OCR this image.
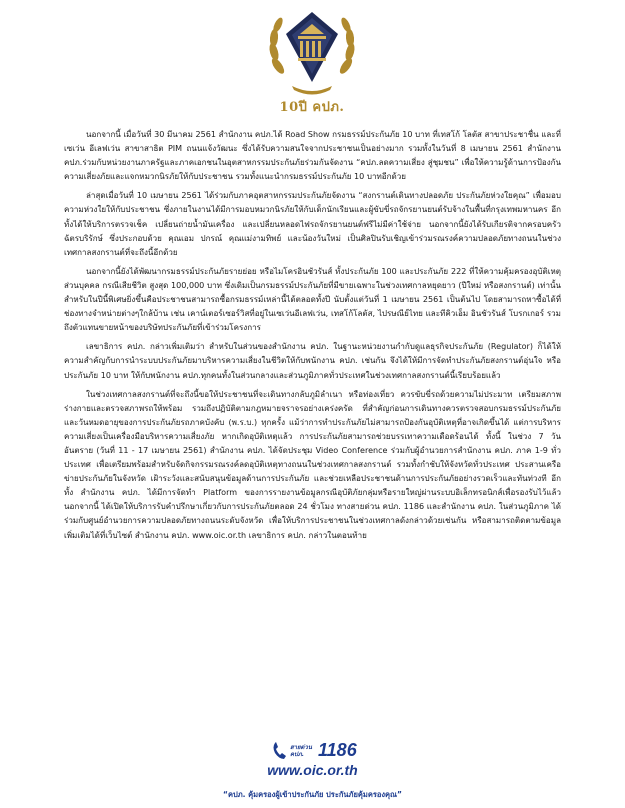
10ปี คปภ.

นอกจากนี้ เมื่อวันที่ 30 มีนาคม 2561 สำนักงาน คปภ.ได้ Road Show กรมธรรม์ประกันภัย 10 บาท ที่เทสโก้ โลตัส สาขาประชาชื่น และที่เซเว่น อีเลฟเว่น สาขาสาธิต PIM ถนนแจ้งวัฒนะ ซึ่งได้รับความสนใจจากประชาชนเป็นอย่างมาก รวมทั้งในวันที่ 8 เมษายน 2561 สำนักงาน คปภ.ร่วมกับหน่วยงานภาครัฐและภาคเอกชนในอุตสาหกรรมประกันภัยร่วมกันจัดงาน “คปภ.ลดความเสี่ยง สู่ชุมชน” เพื่อให้ความรู้ด้านการป้องกันความเสี่ยงภัยและแจกหมวกนิรภัยให้กับประชาชน รวมทั้งแนะนำกรมธรรม์ประกันภัย 10 บาทอีกด้วย

ล่าสุดเมื่อวันที่ 10 เมษายน 2561 ได้ร่วมกับภาคอุตสาหกรรมประกันภัยจัดงาน “สงกรานต์เดินทางปลอดภัย ประกันภัยห่วงใยคุณ” เพื่อมอบความห่วงใยให้กับประชาชน ซึ่งภายในงานได้มีการมอบหมวกนิรภัยให้กับเด็กนักเรียนและผู้ขับขี่รถจักรยานยนต์รับจ้างในพื้นที่กรุงเทพมหานคร อีกทั้งได้ให้บริการตรวจเช็ค เปลี่ยนถ่ายน้ำมันเครื่อง และเปลี่ยนหลอดไฟรถจักรยานยนต์ฟรีไม่มีค่าใช้จ่าย นอกจากนี้ยังได้รับเกียรติจากครอบครัว ฉัตรบริรักษ์ ซึ่งประกอบด้วย คุณเอม ปกรณ์ คุณแม่งามทิพย์ และน้องวันใหม่ เป็นศิลปินรับเชิญเข้าร่วมรณรงค์ความปลอดภัยทางถนนในช่วงเทศกาลสงกรานต์ที่จะถึงนี้อีกด้วย

นอกจากนี้ยังได้พัฒนากรมธรรม์ประกันภัยรายย่อย หรือไมโครอินชัวรันส์ ทั้งประกันภัย 100 และประกันภัย 222 ที่ให้ความคุ้มครองอุบัติเหตุส่วนบุคคล กรณีเสียชีวิต สูงสุด 100,000 บาท ซึ่งเดิมเป็นกรมธรรม์ประกันภัยที่มีขายเฉพาะในช่วงเทศกาลหยุดยาว (ปีใหม่ หรือสงกรานต์) เท่านั้น สำหรับในปีนี้พิเศษยิ่งขึ้นคือประชาชนสามารถซื้อกรมธรรม์เหล่านี้ได้ตลอดทั้งปี นับตั้งแต่วันที่ 1 เมษายน 2561 เป็นต้นไป โดยสามารถหาซื้อได้ที่ช่องทางจำหน่ายต่างๆใกล้บ้าน เช่น เคาน์เตอร์เซอร์วิสที่อยู่ในเซเว่นอีเลฟเว่น, เทสโก้โลตัส, ไปรษณีย์ไทย และทีคิวเอ็ม อินชัวรันส์ โบรกเกอร์ รวมถึงตัวแทนขายหน้าของบริษัทประกันภัยที่เข้าร่วมโครงการ

เลขาธิการ คปภ. กล่าวเพิ่มเติมว่า สำหรับในส่วนของสำนักงาน คปภ. ในฐานะหน่วยงานกำกับดูแลธุรกิจประกันภัย (Regulator) ก็ได้ให้ความสำคัญกับการนำระบบประกันภัยมาบริหารความเสี่ยงในชีวิตให้กับพนักงาน คปภ. เช่นกัน จึงได้ให้มีการจัดทำประกันภัยสงกรานต์อุ่นใจ หรือประกันภัย 10 บาท ให้กับพนักงาน คปภ.ทุกคนทั้งในส่วนกลางและส่วนภูมิภาคทั่วประเทศในช่วงเทศกาลสงกรานต์นี้เรียบร้อยแล้ว

ในช่วงเทศกาลสงกรานต์ที่จะถึงนี้ขอให้ประชาชนที่จะเดินทางกลับภูมิลำเนา หรือท่องเที่ยว ควรขับขี่รถด้วยความไม่ประมาท เตรียมสภาพร่างกายและตรวจสภาพรถให้พร้อม รวมถึงปฏิบัติตามกฎหมายจราจรอย่างเคร่งครัด ที่สำคัญก่อนการเดินทางควรตรวจสอบกรมธรรม์ประกันภัยและวันหมดอายุของการประกันภัยรถภาคบังคับ (พ.ร.บ.) ทุกครั้ง แม้ว่าการทำประกันภัยไม่สามารถป้องกันอุบัติเหตุที่อาจเกิดขึ้นได้ แต่การบริหารความเสี่ยงเป็นเครื่องมือบริหารความเสี่ยงภัย หากเกิดอุบัติเหตุแล้ว การประกันภัยสามารถช่วยบรรเทาความเดือดร้อนได้ ทั้งนี้ ในช่วง 7 วันอันตราย (วันที่ 11 - 17 เมษายน 2561) สำนักงาน คปภ. ได้จัดประชุม Video Conference ร่วมกับผู้อำนวยการสำนักงาน คปภ. ภาค 1-9 ทั่วประเทศ เพื่อเตรียมพร้อมสำหรับจัดกิจกรรมรณรงค์ลดอุบัติเหตุทางถนนในช่วงเทศกาลสงกรานต์ รวมทั้งกำชับให้จังหวัดทั่วประเทศ ประสานเครือข่ายประกันภัยในจังหวัด เฝ้าระวังและสนับสนุนข้อมูลด้านการประกันภัย และช่วยเหลือประชาชนด้านการประกันภัยอย่างรวดเร็วและทันท่วงที อีกทั้ง สำนักงาน คปภ. ได้มีการจัดทำ Platform ของการรายงานข้อมูลกรณีอุบัติภัยกลุ่มหรือรายใหญ่ผ่านระบบอิเล็กทรอนิกส์เพื่อรองรับไว้แล้ว นอกจากนี้ ได้เปิดให้บริการรับคำปรึกษาเกี่ยวกับการประกันภัยตลอด 24 ชั่วโมง ทางสายด่วน คปภ. 1186 และสำนักงาน คปภ. ในส่วนภูมิภาค ได้ร่วมกับศูนย์อำนวยการความปลอดภัยทางถนนระดับจังหวัด เพื่อให้บริการประชาชนในช่วงเทศกาลดังกล่าวด้วยเช่นกัน หรือสามารถติดตามข้อมูลเพิ่มเติมได้ที่เว็บไซต์ สำนักงาน คปภ. www.oic.or.th เลขาธิการ คปภ. กล่าวในตอนท้าย

สายด่วน
คปภ. 1186
www.oic.or.th
“คปภ. คุ้มครองผู้เข้าประกันภัย ประกันภัยคุ้มครองคุณ”
